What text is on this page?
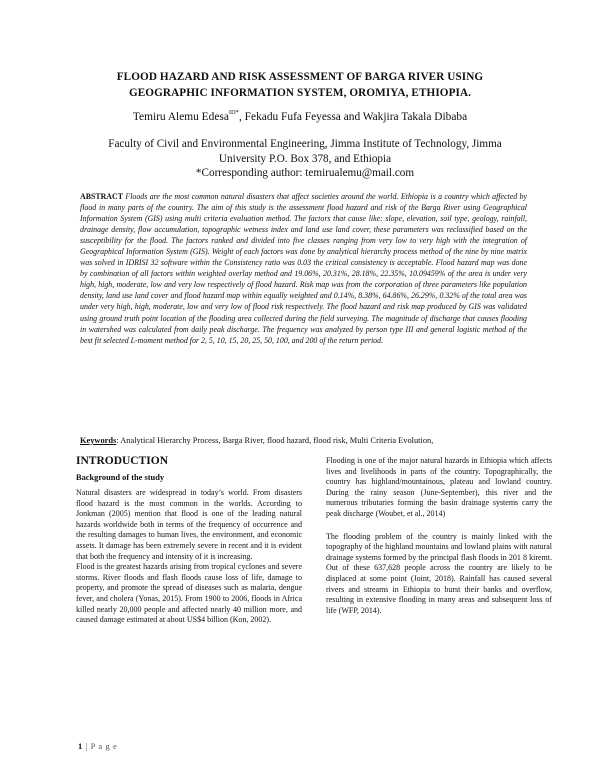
FLOOD HAZARD AND RISK ASSESSMENT OF BARGA RIVER USING
GEOGRAPHIC INFORMATION SYSTEM, OROMIYA, ETHIOPIA.
Temiru Alemu Edesa$^{ID*}$, Fekadu Fufa Feyessa and Wakjira Takala Dibaba
Faculty of Civil and Environmental Engineering, Jimma Institute of Technology, Jimma
University P.O. Box 378, and Ethiopia
*Corresponding author: temirualemu@mail.com
ABSTRACT Floods are the most common natural disasters that affect societies around the world. Ethiopia is a country which affected by flood in many parts of the country. The aim of this study is the assessment flood hazard and risk of the Barga River using Geographical Information System (GIS) using multi criteria evaluation method. The factors that cause like: slope, elevation, soil type, geology, rainfall, drainage density, flow accumulation, topographic wetness index and land use land cover, these parameters was reclassified based on the susceptibility for the flood. The factors ranked and divided into five classes ranging from very low to very high with the integration of Geographical Information System (GIS). Weight of each factors was done by analytical hierarchy process method of the nine by nine matrix was solved in IDRISI 32 software within the Consistency ratio was 0.03 the critical consistency is acceptable. Flood hazard map was done by combination of all factors within weighted overlay method and 19.06%, 20.31%, 28.18%, 22.35%, 10.09459% of the area is under very high, high, moderate, low and very low respectively of flood hazard. Risk map was from the corporation of three parameters like population density, land use land cover and flood hazard map within equally weighted and 0.14%, 8.38%, 64.86%, 26.29%, 0.32% of the total area was under very high, high, moderate, low and very low of flood risk respectively. The flood hazard and risk map produced by GIS was validated using ground truth point location of the flooding area collected during the field surveying. The magnitude of discharge that causes flooding in watershed was calculated from daily peak discharge. The frequency was analyzed by person type III and general logistic method of the best fit selected L-moment method for 2, 5, 10, 15, 20, 25, 50, 100, and 200 of the return period.
Keywords: Analytical Hierarchy Process, Barga River, flood hazard, flood risk, Multi Criteria Evolution,
INTRODUCTION
Background of the study

Natural disasters are widespread in today’s world. From disasters flood hazard is the most common in the worlds. According to Jonkman (2005) mention that flood is one of the leading natural hazards worldwide both in terms of the frequency of occurrence and the resulting damages to human lives, the environment, and economic assets. It damage has been extremely severe in recent and it is evident that both the frequency and intensity of it is increasing.

Flood is the greatest hazards arising from tropical cyclones and severe storms. River floods and flash floods cause loss of life, damage to property, and promote the spread of diseases such as malaria, dengue fever, and cholera (Yonas, 2015). From 1900 to 2006, floods in Africa killed nearly 20,000 people and affected nearly 40 million more, and caused damage estimated at about US$4 billion (Kon, 2002).

Flooding is one of the major natural hazards in Ethiopia which affects lives and livelihoods in parts of the country. Topographically, the country has highland/mountainous, plateau and lowland country. During the rainy season (June-September), this river and the numerous tributaries forming the basin drainage systems carry the peak discharge (Woubet, et al., 2014)

The flooding problem of the country is mainly linked with the topography of the highland mountains and lowland plains with natural drainage systems formed by the principal flash floods in 201 8 kiremt. Out of these 637,628 people across the country are likely to be displaced at some point (Joint, 2018). Rainfall has caused several rivers and streams in Ethiopia to burst their banks and overflow, resulting in extensive flooding in many areas and subsequent loss of life (WFP, 2014).

1 | P a g e
